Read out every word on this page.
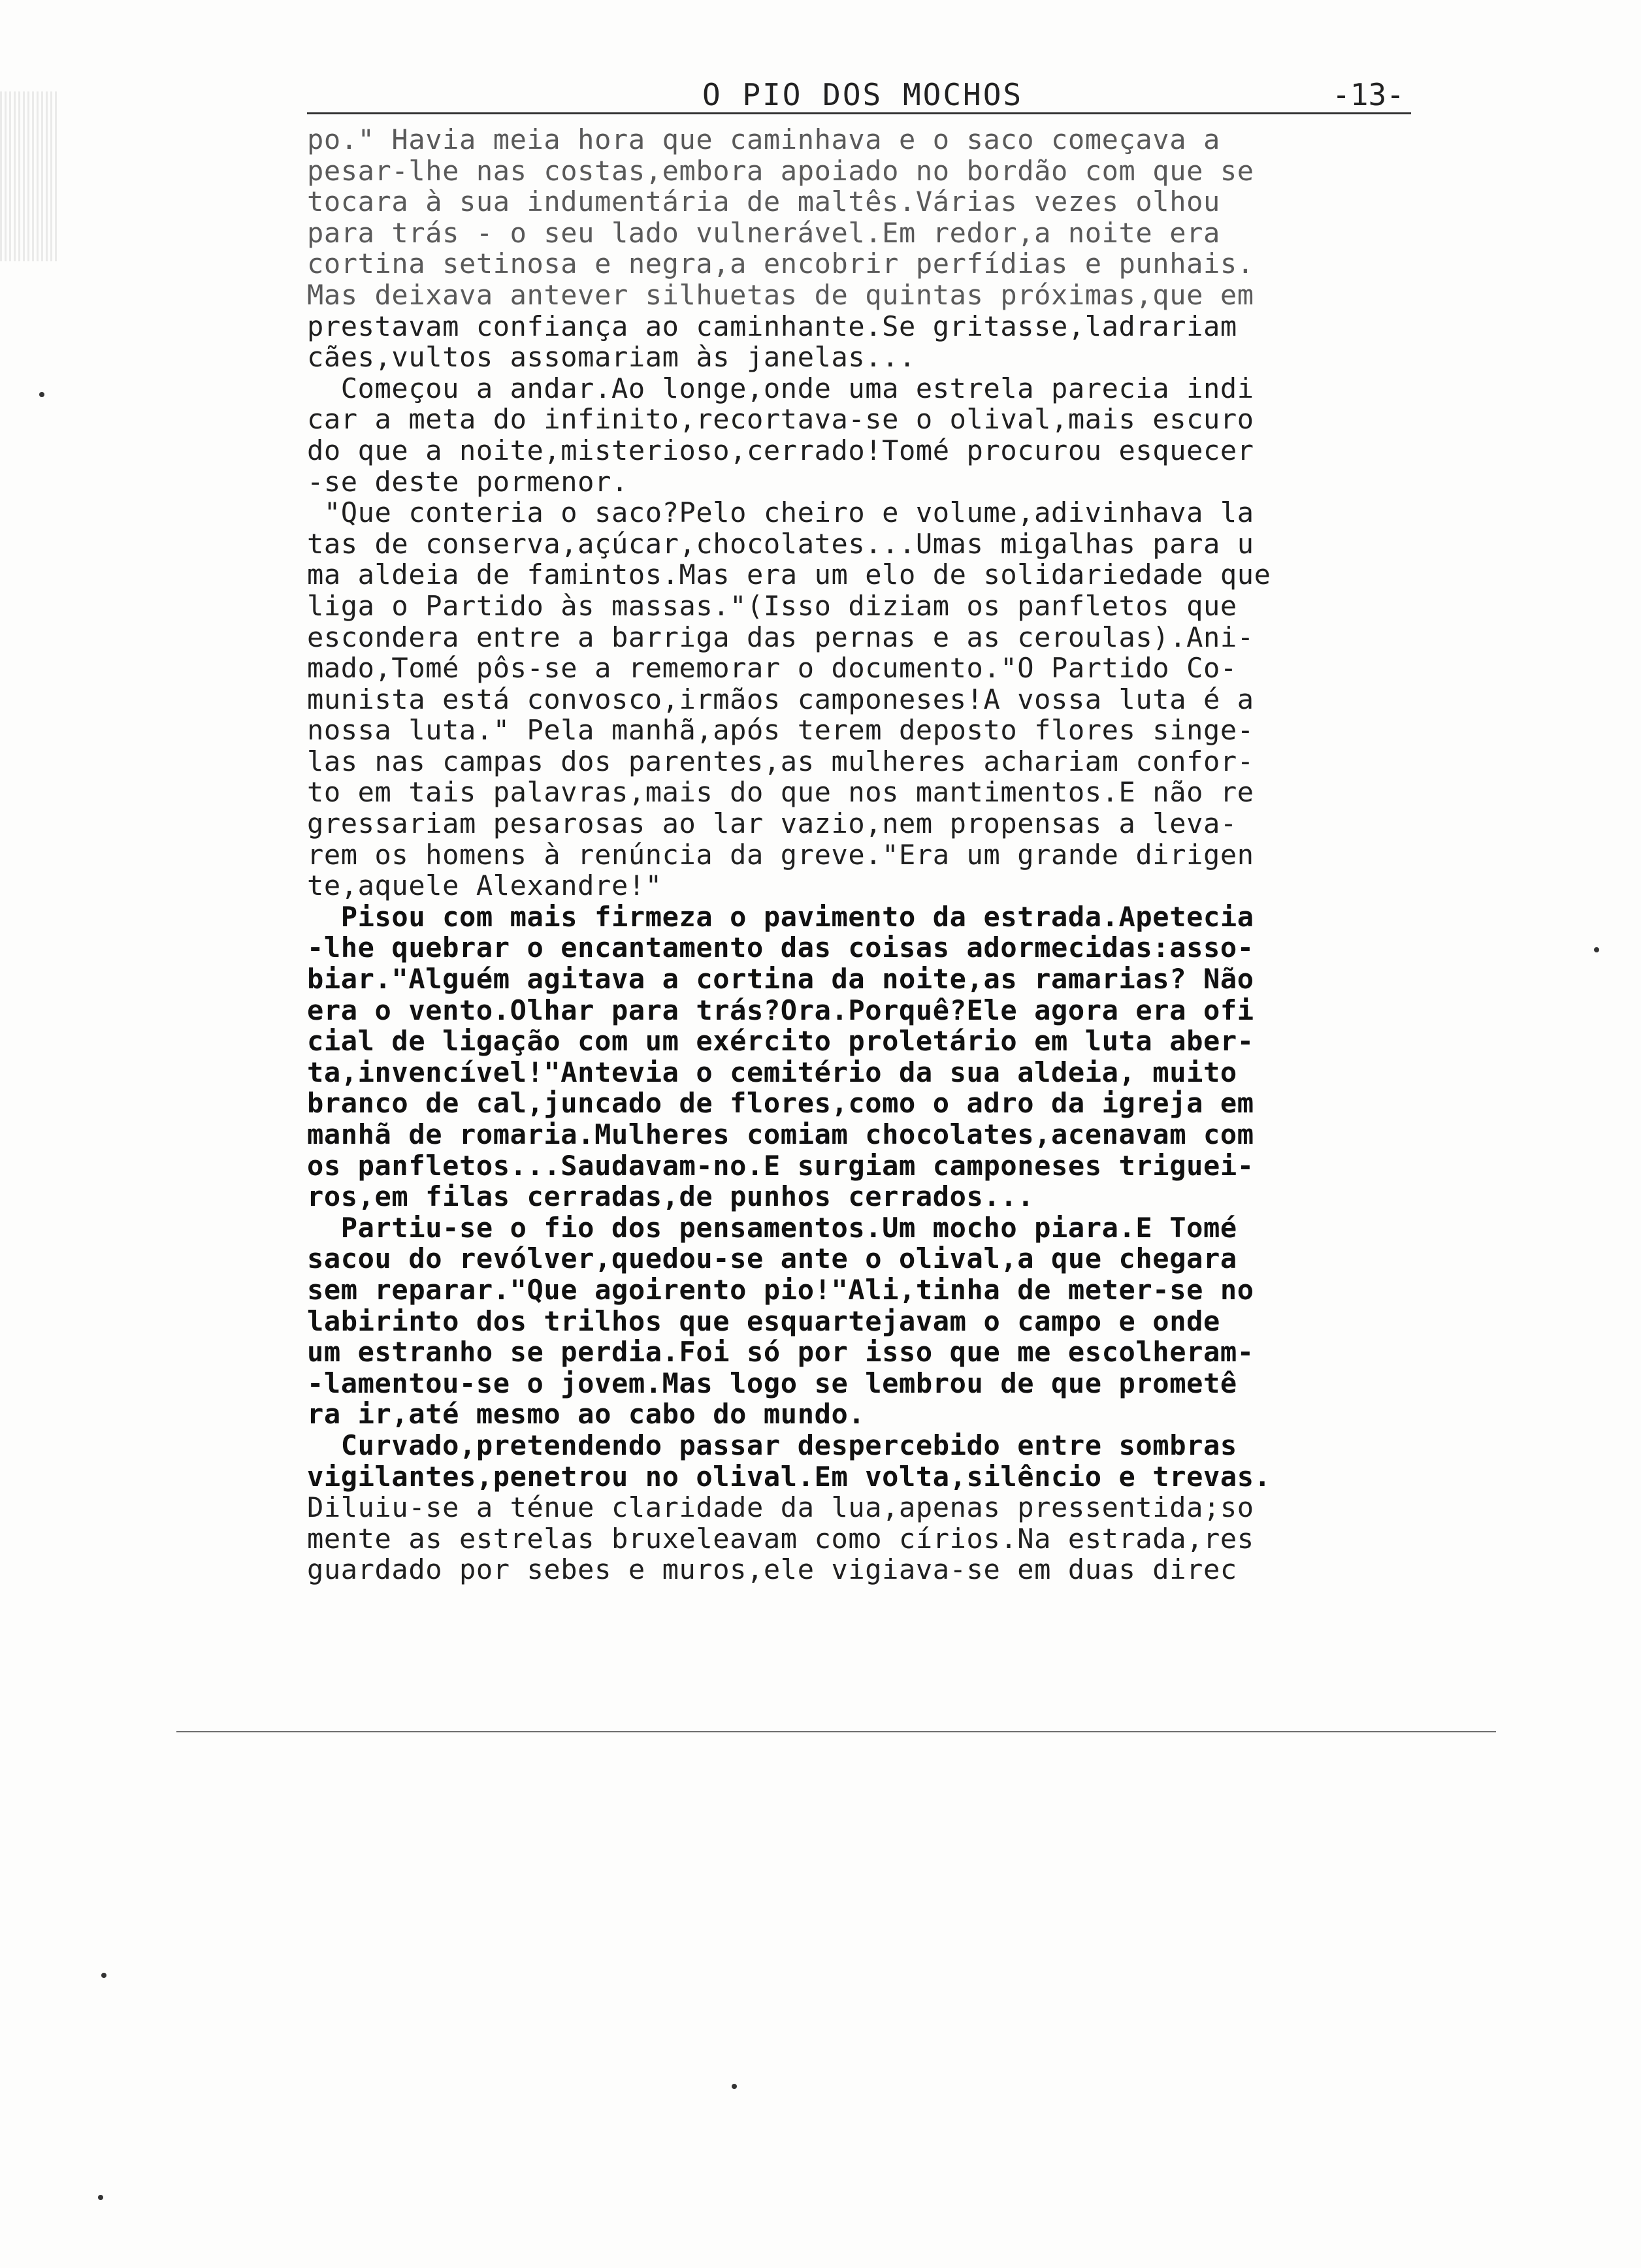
O PIO DOS MOCHOS	-13-
po." Havia meia hora que caminhava e o saco começava a
pesar-lhe nas costas,embora apoiado no bordão com que se
tocara à sua indumentária de maltês.Várias vezes olhou
para trás - o seu lado vulnerável.Em redor,a noite era
cortina setinosa e negra,a encobrir perfídias e punhais.
Mas deixava antever silhuetas de quintas próximas,que em
prestavam confiança ao caminhante.Se gritasse,ladrariam
cães,vultos assomariam às janelas...
Começou a andar.Ao longe,onde uma estrela parecia indi
car a meta do infinito,recortava-se o olival,mais escuro
do que a noite,misterioso,cerrado!Tomé procurou esquecer
-se deste pormenor.
"Que conteria o saco?Pelo cheiro e volume,adivinhava la
tas de conserva,açúcar,chocolates...Umas migalhas para u
ma aldeia de famintos.Mas era um elo de solidariedade que
liga o Partido às massas."(Isso diziam os panfletos que
escondera entre a barriga das pernas e as ceroulas).Ani-
mado,Tomé pôs-se a rememorar o documento."O Partido Co-
munista está convosco,irmãos camponeses!A vossa luta é a
nossa luta." Pela manhã,após terem deposto flores singe-
las nas campas dos parentes,as mulheres achariam confor-
to em tais palavras,mais do que nos mantimentos.E não re
gressariam pesarosas ao lar vazio,nem propensas a leva-
rem os homens à renúncia da greve."Era um grande dirigen
te,aquele Alexandre!"
Pisou com mais firmeza o pavimento da estrada.Apetecia
-lhe quebrar o encantamento das coisas adormecidas:asso-
biar."Alguém agitava a cortina da noite,as ramarias? Não
era o vento.Olhar para trás?Ora.Porquê?Ele agora era ofi
cial de ligação com um exército proletário em luta aber-
ta,invencível!"Antevia o cemitério da sua aldeia, muito
branco de cal,juncado de flores,como o adro da igreja em
manhã de romaria.Mulheres comiam chocolates,acenavam com
os panfletos...Saudavam-no.E surgiam camponeses triguei-
ros,em filas cerradas,de punhos cerrados...
Partiu-se o fio dos pensamentos.Um mocho piara.E Tomé
sacou do revólver,quedou-se ante o olival,a que chegara
sem reparar."Que agoirento pio!"Ali,tinha de meter-se no
labirinto dos trilhos que esquartejavam o campo e onde
um estranho se perdia.Foi só por isso que me escolheram-
-lamentou-se o jovem.Mas logo se lembrou de que prometê
ra ir,até mesmo ao cabo do mundo.
Curvado,pretendendo passar despercebido entre sombras
vigilantes,penetrou no olival.Em volta,silêncio e trevas.
Diluiu-se a ténue claridade da lua,apenas pressentida;so
mente as estrelas bruxeleavam como círios.Na estrada,res
guardado por sebes e muros,ele vigiava-se em duas direc
